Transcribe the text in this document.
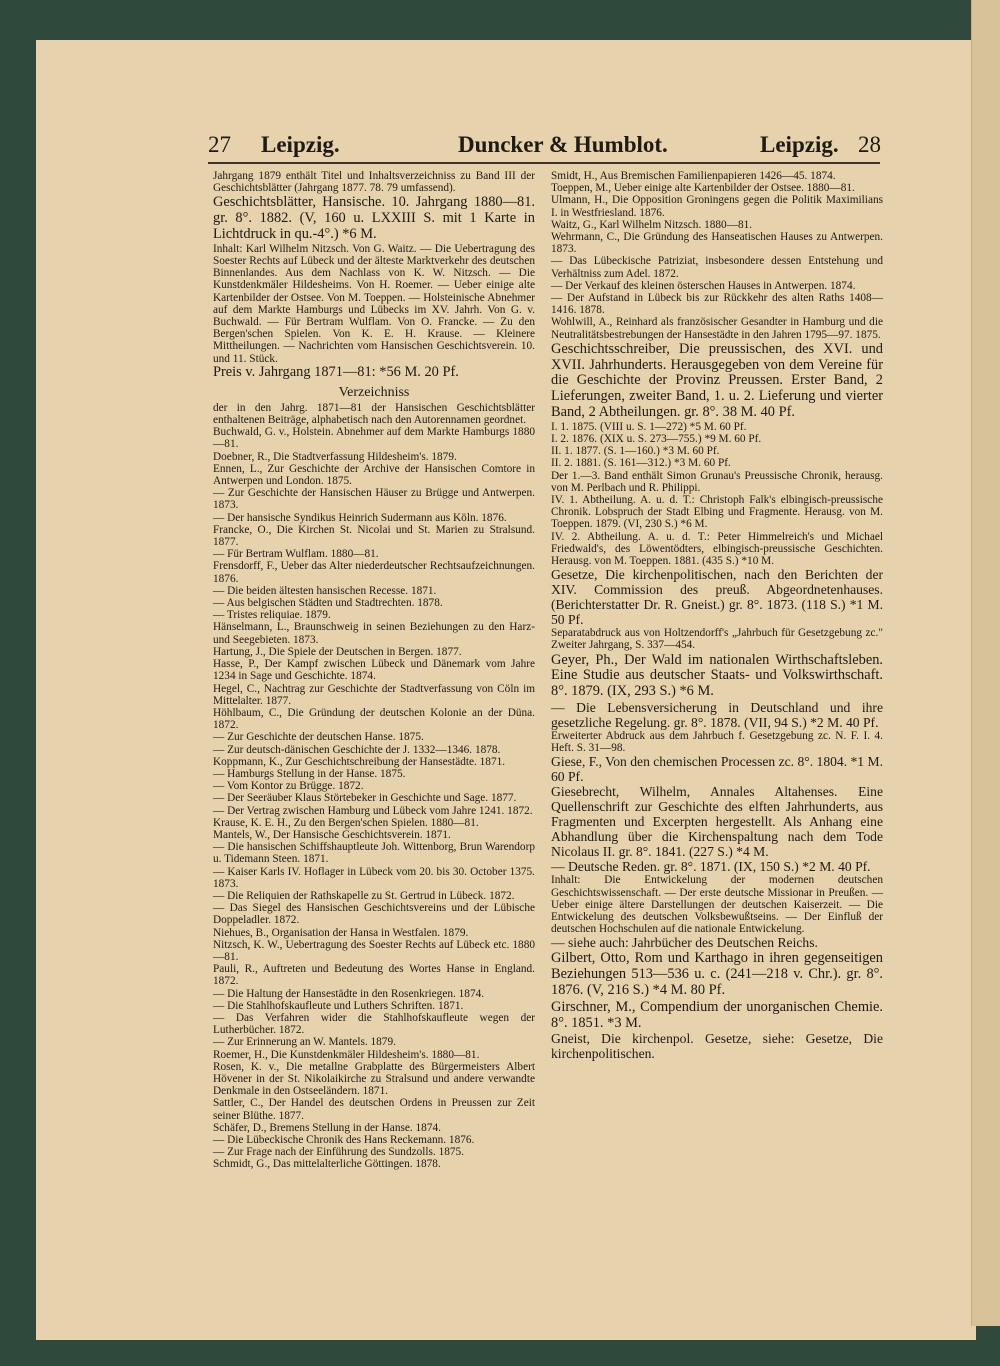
27 Leipzig.	Duncker & Humblot.	Leipzig. 28

Jahrgang 1879 enthält Titel und Inhaltsverzeichniss zu Band III der Geschichtsblätter (Jahrgang 1877. 78. 79 umfassend).

Geschichtsblätter, Hansische. 10. Jahrgang 1880—81. gr. 8°. 1882. (V, 160 u. LXXIII S. mit 1 Karte in Lichtdruck in qu.-4°.) *6 M.

Inhalt: Karl Wilhelm Nitzsch. Von G. Waitz. — Die Uebertragung des Soester Rechts auf Lübeck und der älteste Marktverkehr des deutschen Binnenlandes. Aus dem Nachlass von K. W. Nitzsch. — Die Kunstdenkmäler Hildesheims. Von H. Roemer. — Ueber einige alte Kartenbilder der Ostsee. Von M. Toeppen. — Holsteinische Abnehmer auf dem Markte Hamburgs und Lübecks im XV. Jahrh. Von G. v. Buchwald. — Für Bertram Wulflam. Von O. Francke. — Zu den Bergen'schen Spielen. Von K. E. H. Krause. — Kleinere Mittheilungen. — Nachrichten vom Hansischen Geschichtsverein. 10. und 11. Stück.

Preis v. Jahrgang 1871—81: *56 M. 20 Pf.

Verzeichniss

der in den Jahrg. 1871—81 der Hansischen Geschichtsblätter enthaltenen Beiträge, alphabetisch nach den Autorennamen geordnet.

Buchwald, G. v., Holstein. Abnehmer auf dem Markte Hamburgs 1880—81.

Doebner, R., Die Stadtverfassung Hildesheim's. 1879.

Ennen, L., Zur Geschichte der Archive der Hansischen Comtore in Antwerpen und London. 1875.

— Zur Geschichte der Hansischen Häuser zu Brügge und Antwerpen. 1873.

— Der hansische Syndikus Heinrich Sudermann aus Köln. 1876.

Francke, O., Die Kirchen St. Nicolai und St. Marien zu Stralsund. 1877.

— Für Bertram Wulflam. 1880—81.

Frensdorff, F., Ueber das Alter niederdeutscher Rechtsaufzeichnungen. 1876.

— Die beiden ältesten hansischen Recesse. 1871.

— Aus belgischen Städten und Stadtrechten. 1878.

— Tristes reliquiae. 1879.

Hänselmann, L., Braunschweig in seinen Beziehungen zu den Harz- und Seegebieten. 1873.

Hartung, J., Die Spiele der Deutschen in Bergen. 1877.

Hasse, P., Der Kampf zwischen Lübeck und Dänemark vom Jahre 1234 in Sage und Geschichte. 1874.

Hegel, C., Nachtrag zur Geschichte der Stadtverfassung von Cöln im Mittelalter. 1877.

Höhlbaum, C., Die Gründung der deutschen Kolonie an der Düna. 1872.

— Zur Geschichte der deutschen Hanse. 1875.

— Zur deutsch-dänischen Geschichte der J. 1332—1346. 1878.

Koppmann, K., Zur Geschichtschreibung der Hansestädte. 1871.

— Hamburgs Stellung in der Hanse. 1875.

— Vom Kontor zu Brügge. 1872.

— Der Seeräuber Klaus Störtebeker in Geschichte und Sage. 1877.

— Der Vertrag zwischen Hamburg und Lübeck vom Jahre 1241. 1872.

Krause, K. E. H., Zu den Bergen'schen Spielen. 1880—81.

Mantels, W., Der Hansische Geschichtsverein. 1871.

— Die hansischen Schiffshauptleute Joh. Wittenborg, Brun Warendorp u. Tidemann Steen. 1871.

— Kaiser Karls IV. Hoflager in Lübeck vom 20. bis 30. October 1375. 1873.

— Die Reliquien der Rathskapelle zu St. Gertrud in Lübeck. 1872.

— Das Siegel des Hansischen Geschichtsvereins und der Lübische Doppeladler. 1872.

Niehues, B., Organisation der Hansa in Westfalen. 1879.

Nitzsch, K. W., Uebertragung des Soester Rechts auf Lübeck etc. 1880—81.

Pauli, R., Auftreten und Bedeutung des Wortes Hanse in England. 1872.

— Die Haltung der Hansestädte in den Rosenkriegen. 1874.

— Die Stahlhofskaufleute und Luthers Schriften. 1871.

— Das Verfahren wider die Stahlhofskaufleute wegen der Lutherbücher. 1872.

— Zur Erinnerung an W. Mantels. 1879.

Roemer, H., Die Kunstdenkmäler Hildesheim's. 1880—81.

Rosen, K. v., Die metallne Grabplatte des Bürgermeisters Albert Hövener in der St. Nikolaikirche zu Stralsund und andere verwandte Denkmale in den Ostseeländern. 1871.

Sattler, C., Der Handel des deutschen Ordens in Preussen zur Zeit seiner Blüthe. 1877.

Schäfer, D., Bremens Stellung in der Hanse. 1874.

— Die Lübeckische Chronik des Hans Reckemann. 1876.

— Zur Frage nach der Einführung des Sundzolls. 1875.

Schmidt, G., Das mittelalterliche Göttingen. 1878.

Smidt, H., Aus Bremischen Familienpapieren 1426—45. 1874.

Toeppen, M., Ueber einige alte Kartenbilder der Ostsee. 1880—81.

Ulmann, H., Die Opposition Groningens gegen die Politik Maximilians I. in Westfriesland. 1876.

Waitz, G., Karl Wilhelm Nitzsch. 1880—81.

Wehrmann, C., Die Gründung des Hanseatischen Hauses zu Antwerpen. 1873.

— Das Lübeckische Patriziat, insbesondere dessen Entstehung und Verhältniss zum Adel. 1872.

— Der Verkauf des kleinen österschen Hauses in Antwerpen. 1874.

— Der Aufstand in Lübeck bis zur Rückkehr des alten Raths 1408—1416. 1878.

Wohlwill, A., Reinhard als französischer Gesandter in Hamburg und die Neutralitätsbestrebungen der Hansestädte in den Jahren 1795—97. 1875.

Geschichtsschreiber, Die preussischen, des XVI. und XVII. Jahrhunderts. Herausgegeben von dem Vereine für die Geschichte der Provinz Preussen. Erster Band, 2 Lieferungen, zweiter Band, 1. u. 2. Lieferung und vierter Band, 2 Abtheilungen. gr. 8°. 38 M. 40 Pf.

I. 1. 1875. (VIII u. S. 1—272) *5 M. 60 Pf.

I. 2. 1876. (XIX u. S. 273—755.) *9 M. 60 Pf.

II. 1. 1877. (S. 1—160.) *3 M. 60 Pf.

II. 2. 1881. (S. 161—312.) *3 M. 60 Pf.

Der 1.—3. Band enthält Simon Grunau's Preussische Chronik, herausg. von M. Perlbach und R. Philippi.

IV. 1. Abtheilung. A. u. d. T.: Christoph Falk's elbingisch-preussische Chronik. Lobspruch der Stadt Elbing und Fragmente. Herausg. von M. Toeppen. 1879. (VI, 230 S.) *6 M.

IV. 2. Abtheilung. A. u. d. T.: Peter Himmelreich's und Michael Friedwald's, des Löwentödters, elbingisch-preussische Geschichten. Herausg. von M. Toeppen. 1881. (435 S.) *10 M.

Gesetze, Die kirchenpolitischen, nach den Berichten der XIV. Commission des preuß. Abgeordnetenhauses. (Berichterstatter Dr. R. Gneist.) gr. 8°. 1873. (118 S.) *1 M. 50 Pf.

Separatabdruck aus von Holtzendorff's „Jahrbuch für Gesetzgebung zc." Zweiter Jahrgang, S. 337—454.

Geyer, Ph., Der Wald im nationalen Wirthschaftsleben. Eine Studie aus deutscher Staats- und Volkswirthschaft. 8°. 1879. (IX, 293 S.) *6 M.

— Die Lebensversicherung in Deutschland und ihre gesetzliche Regelung. gr. 8°. 1878. (VII, 94 S.) *2 M. 40 Pf.

Erweiterter Abdruck aus dem Jahrbuch f. Gesetzgebung zc. N. F. I. 4. Heft. S. 31—98.

Giese, F., Von den chemischen Processen zc. 8°. 1804. *1 M. 60 Pf.

Giesebrecht, Wilhelm, Annales Altahenses. Eine Quellenschrift zur Geschichte des elften Jahrhunderts, aus Fragmenten und Excerpten hergestellt. Als Anhang eine Abhandlung über die Kirchenspaltung nach dem Tode Nicolaus II. gr. 8°. 1841. (227 S.) *4 M.

— Deutsche Reden. gr. 8°. 1871. (IX, 150 S.) *2 M. 40 Pf.

Inhalt: Die Entwickelung der modernen deutschen Geschichtswissenschaft. — Der erste deutsche Missionar in Preußen. — Ueber einige ältere Darstellungen der deutschen Kaiserzeit. — Die Entwickelung des deutschen Volksbewußtseins. — Der Einfluß der deutschen Hochschulen auf die nationale Entwickelung.

— siehe auch: Jahrbücher des Deutschen Reichs.

Gilbert, Otto, Rom und Karthago in ihren gegenseitigen Beziehungen 513—536 u. c. (241—218 v. Chr.). gr. 8°. 1876. (V, 216 S.) *4 M. 80 Pf.

Girschner, M., Compendium der unorganischen Chemie. 8°. 1851. *3 M.

Gneist, Die kirchenpol. Gesetze, siehe: Gesetze, Die kirchenpolitischen.
